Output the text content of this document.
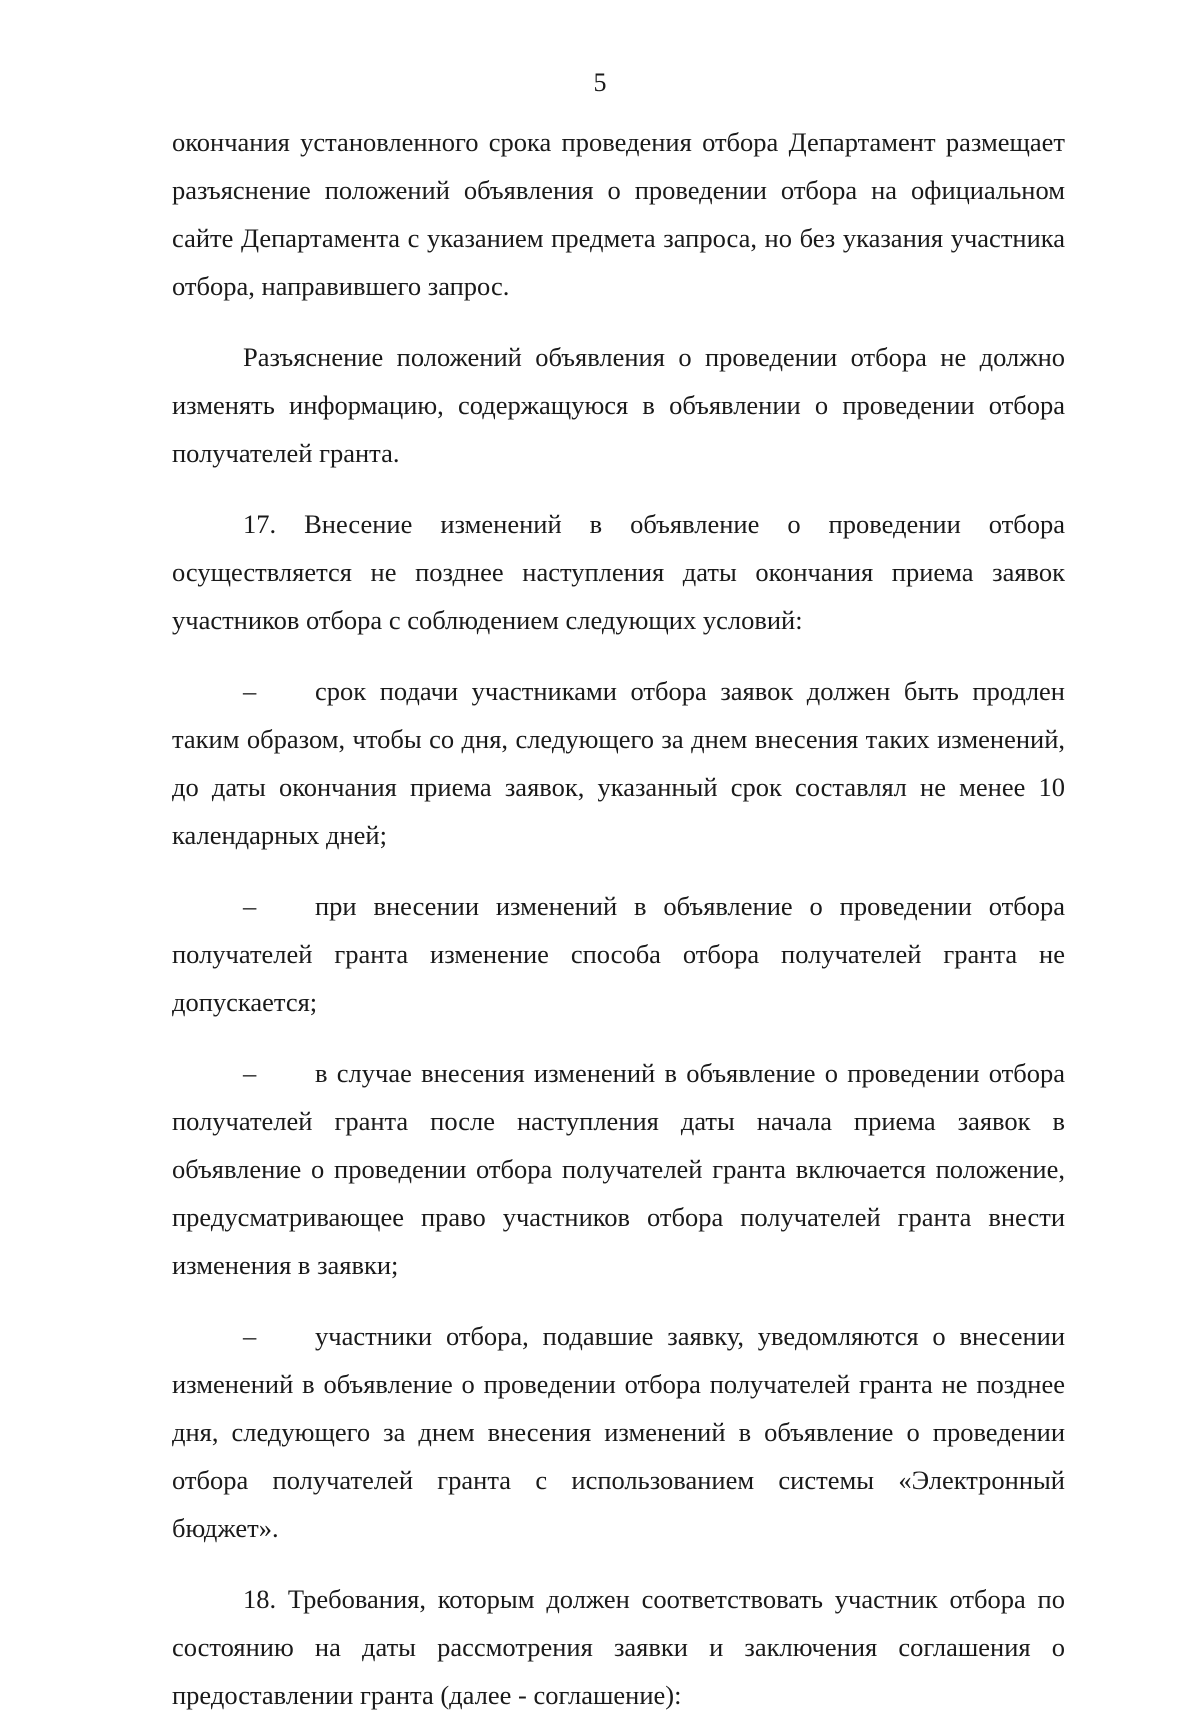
5

окончания установленного срока проведения отбора Департамент размещает разъяснение положений объявления о проведении отбора на официальном сайте Департамента с указанием предмета запроса, но без указания участника отбора, направившего запрос.

Разъяснение положений объявления о проведении отбора не должно изменять информацию, содержащуюся в объявлении о проведении отбора получателей гранта.

17. Внесение изменений в объявление о проведении отбора осуществляется не позднее наступления даты окончания приема заявок участников отбора с соблюдением следующих условий:

– срок подачи участниками отбора заявок должен быть продлен таким образом, чтобы со дня, следующего за днем внесения таких изменений, до даты окончания приема заявок, указанный срок составлял не менее 10 календарных дней;
– при внесении изменений в объявление о проведении отбора получателей гранта изменение способа отбора получателей гранта не допускается;
– в случае внесения изменений в объявление о проведении отбора получателей гранта после наступления даты начала приема заявок в объявление о проведении отбора получателей гранта включается положение, предусматривающее право участников отбора получателей гранта внести изменения в заявки;
– участники отбора, подавшие заявку, уведомляются о внесении изменений в объявление о проведении отбора получателей гранта не позднее дня, следующего за днем внесения изменений в объявление о проведении отбора получателей гранта с использованием системы «Электронный бюджет».

18. Требования, которым должен соответствовать участник отбора по состоянию на даты рассмотрения заявки и заключения соглашения о предоставлении гранта (далее - соглашение):
